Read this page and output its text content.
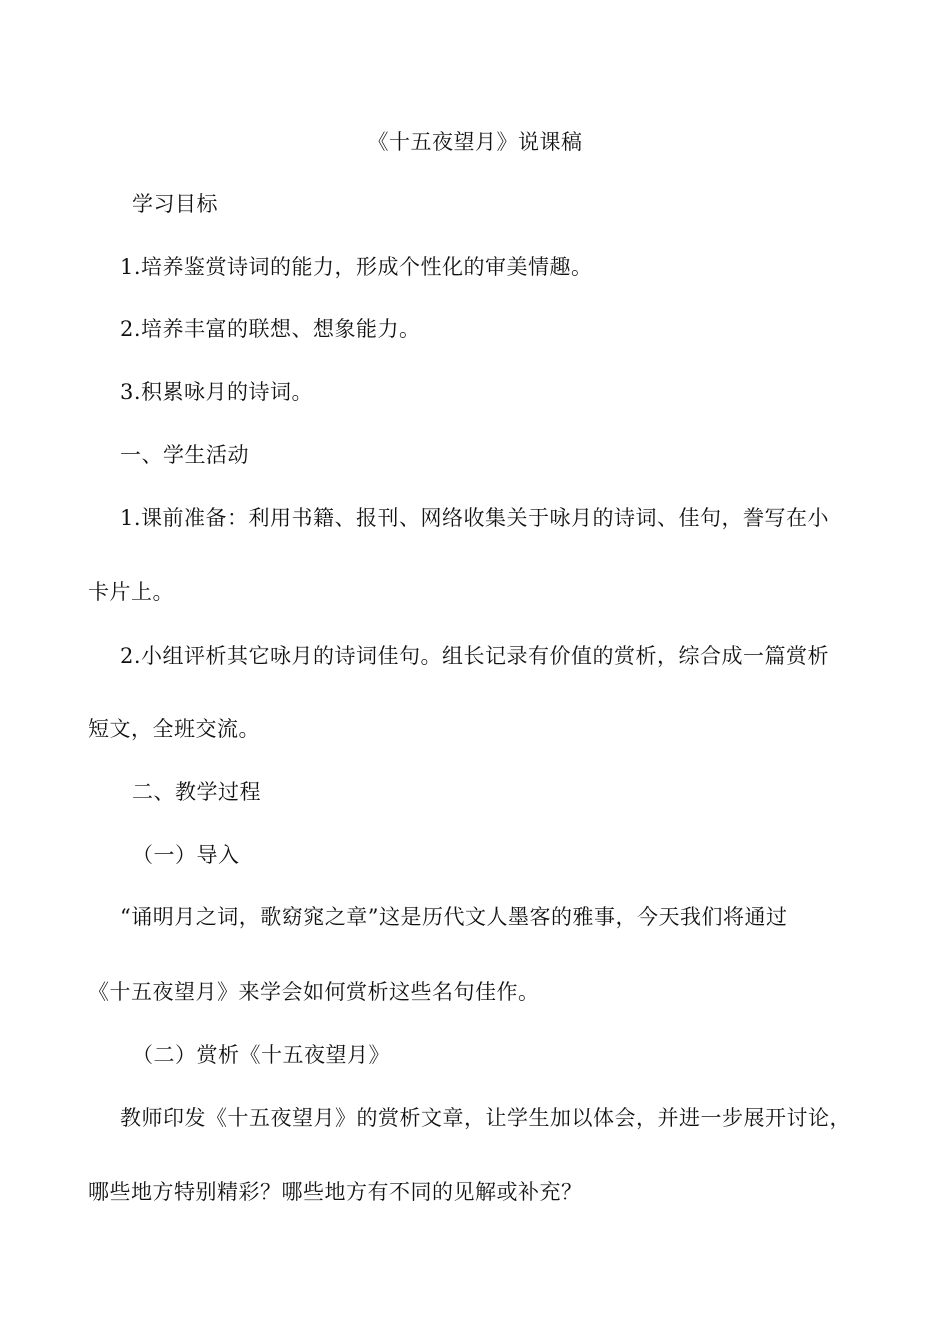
《十五夜望月》说课稿
学习目标
1.培养鉴赏诗词的能力，形成个性化的审美情趣。
2.培养丰富的联想、想象能力。
3.积累咏月的诗词。
一、学生活动
1.课前准备：利用书籍、报刊、网络收集关于咏月的诗词、佳句，誊写在小
卡片上。
2.小组评析其它咏月的诗词佳句。组长记录有价值的赏析，综合成一篇赏析
短文，全班交流。
二、教学过程
（一）导入
“诵明月之词，歌窈窕之章”这是历代文人墨客的雅事，今天我们将通过
《十五夜望月》来学会如何赏析这些名句佳作。
（二）赏析《十五夜望月》
教师印发《十五夜望月》的赏析文章，让学生加以体会，并进一步展开讨论，
哪些地方特别精彩？哪些地方有不同的见解或补充？
